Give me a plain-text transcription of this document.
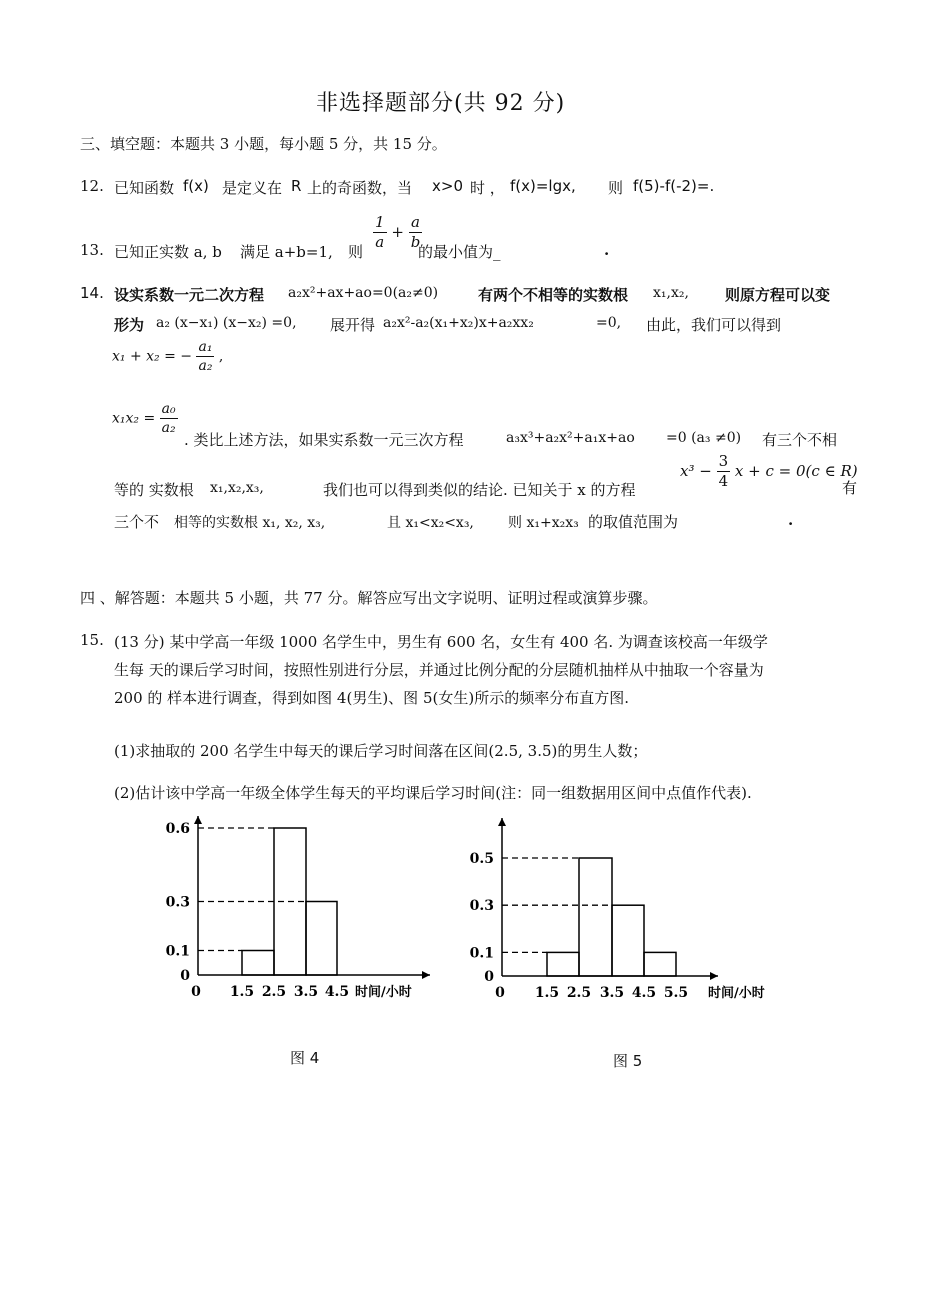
非选择题部分(共 92 分)
三、填空题：本题共 3 小题，每小题 5 分，共 15 分。
12. 已知函数 f(x) 是定义在 R 上的奇函数，当 x>0 时 ， f(x)=lgx, 则 f(5)-f(-2)=.
13. 已知正实数 a, b 满足 a+b=1, 则
$\frac{1}{a} + \frac{a}{b}$
的最小值为_	.
14. 设实系数一元二次方程 a₂x²+ax+ao=0(a₂≠0)	有两个不相等的实数根 x₁,x₂, 则原方程可以变
形为 a₂ (x−x₁) (x−x₂) =0, 展开得 a₂x²-a₂(x₁+x₂)x+a₂xx₂	=0, 由此，我们可以得到
x₁ + x₂ = − $\frac{\text{a₁}}{\text{a₂}}$ ,
$x_1x_2 = \frac{\text{a₀}}{\text{a₂}}$
. 类比上述方法，如果实系数一元三次方程	a₃x³+a₂x²+a₁x+ao =0 (a₃ ≠0) 有三个不相
等的 实数根 x₁,x₂,x₃,	我们也可以得到类似的结论. 已知关于 x 的方程
$x^3 - \frac{3}{4}$ x + c = 0(c ∈ R)
有
三个不 相等的实数根 x₁, x₂, x₃,	且 x₁<x₂<x₃, 则 x₁+x₂x₃ 的取值范围为	.
四 、解答题：本题共 5 小题，共 77 分。解答应写出文字说明、证明过程或演算步骤。
15. (13 分) 某中学高一年级 1000 名学生中，男生有 600 名，女生有 400 名. 为调查该校高一年级学
生每 天的课后学习时间，按照性别进行分层，并通过比例分配的分层随机抽样从中抽取一个容量为
200 的 样本进行调查，得到如图 4(男生)、图 5(女生)所示的频率分布直方图.
(1)求抽取的 200 名学生中每天的课后学习时间落在区间(2.5, 3.5)的男生人数；
(2)估计该中学高一年级全体学生每天的平均课后学习时间(注：同一组数据用区间中点值作代表).
0
0.1
0.3
0.6
0 1.5 2.5 3.5 4.5 时间/小时
图 4
0
0.1
0.3
0.5
0 1.5 2.5 3.5 4.5 5.5 时间/小时
图 5
